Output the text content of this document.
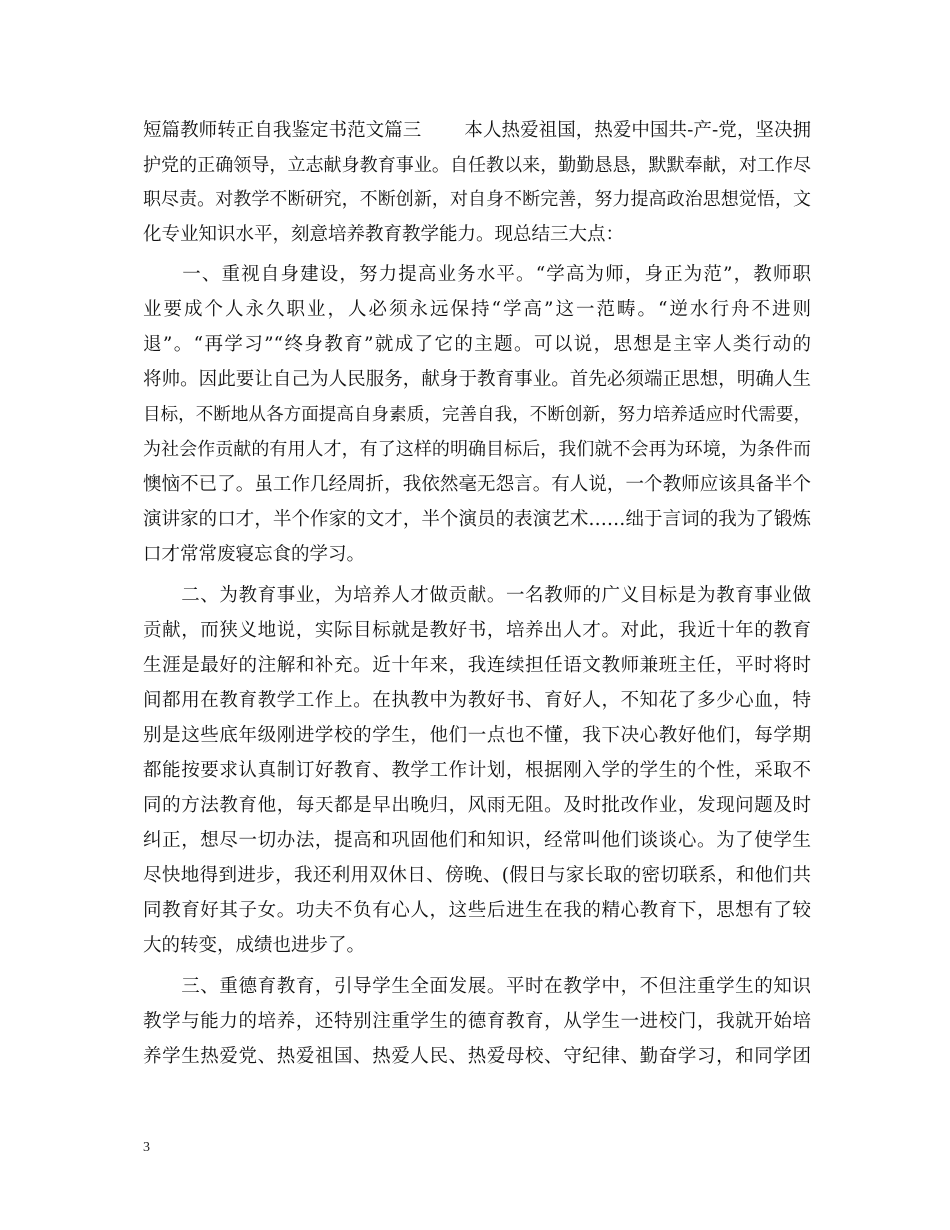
短篇教师转正自我鉴定书范文篇三 　　本人热爱祖国，热爱中国共-产-党，坚决拥
护党的正确领导，立志献身教育事业。自任教以来，勤勤恳恳，默默奉献，对工作尽
职尽责。对教学不断研究，不断创新，对自身不断完善，努力提高政治思想觉悟，文
化专业知识水平，刻意培养教育教学能力。现总结三大点：
　　一、重视自身建设，努力提高业务水平。“学高为师，身正为范”，教师职
业要成个人永久职业，人必须永远保持“学高”这一范畴。“逆水行舟不进则
退”。“再学习”“终身教育”就成了它的主题。可以说，思想是主宰人类行动的
将帅。因此要让自己为人民服务，献身于教育事业。首先必须端正思想，明确人生
目标，不断地从各方面提高自身素质，完善自我，不断创新，努力培养适应时代需要，
为社会作贡献的有用人才，有了这样的明确目标后，我们就不会再为环境，为条件而
懊恼不已了。虽工作几经周折，我依然毫无怨言。有人说，一个教师应该具备半个
演讲家的口才，半个作家的文才，半个演员的表演艺术……绌于言词的我为了锻炼
口才常常废寝忘食的学习。
　　二、为教育事业，为培养人才做贡献。一名教师的广义目标是为教育事业做
贡献，而狭义地说，实际目标就是教好书，培养出人才。对此，我近十年的教育
生涯是最好的注解和补充。近十年来，我连续担任语文教师兼班主任，平时将时
间都用在教育教学工作上。在执教中为教好书、育好人，不知花了多少心血，特
别是这些底年级刚进学校的学生，他们一点也不懂，我下决心教好他们，每学期
都能按要求认真制订好教育、教学工作计划，根据刚入学的学生的个性，采取不
同的方法教育他，每天都是早出晚归，风雨无阻。及时批改作业，发现问题及时
纠正，想尽一切办法，提高和巩固他们和知识，经常叫他们谈谈心。为了使学生
尽快地得到进步，我还利用双休日、傍晚、(假日与家长取的密切联系，和他们共
同教育好其子女。功夫不负有心人，这些后进生在我的精心教育下，思想有了较
大的转变，成绩也进步了。
　　三、重德育教育，引导学生全面发展。平时在教学中，不但注重学生的知识
教学与能力的培养，还特别注重学生的德育教育，从学生一进校门，我就开始培
养学生热爱党、热爱祖国、热爱人民、热爱母校、守纪律、勤奋学习，和同学团
3
